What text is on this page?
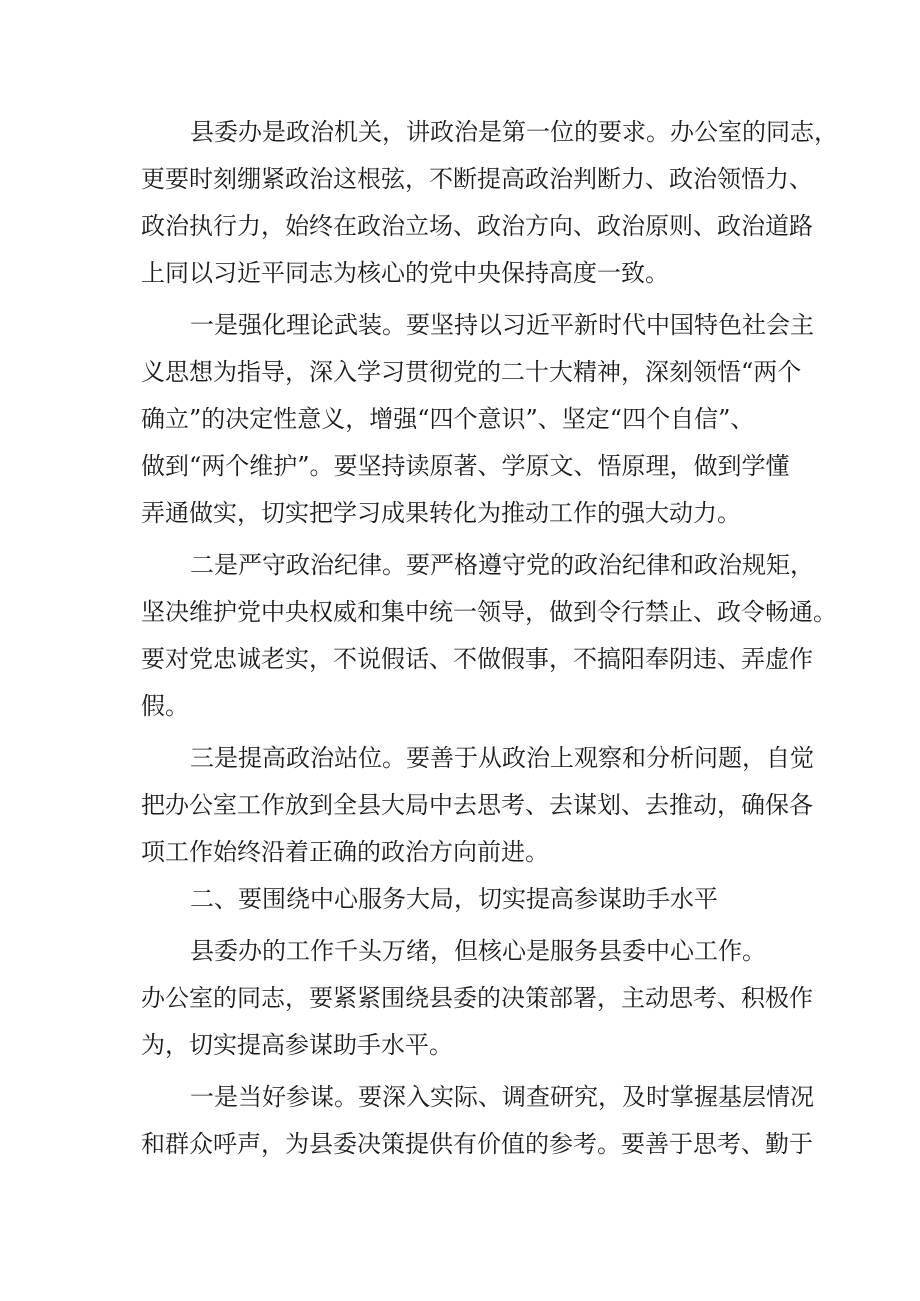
县委办是政治机关，讲政治是第一位的要求。办公室的同志，
更要时刻绷紧政治这根弦，不断提高政治判断力、政治领悟力、
政治执行力，始终在政治立场、政治方向、政治原则、政治道路
上同以习近平同志为核心的党中央保持高度一致。
一是强化理论武装。要坚持以习近平新时代中国特色社会主
义思想为指导，深入学习贯彻党的二十大精神，深刻领悟“两个
确立”的决定性意义，增强“四个意识”、坚定“四个自信”、
做到“两个维护”。要坚持读原著、学原文、悟原理，做到学懂
弄通做实，切实把学习成果转化为推动工作的强大动力。
二是严守政治纪律。要严格遵守党的政治纪律和政治规矩，
坚决维护党中央权威和集中统一领导，做到令行禁止、政令畅通。
要对党忠诚老实，不说假话、不做假事，不搞阳奉阴违、弄虚作
假。
三是提高政治站位。要善于从政治上观察和分析问题，自觉
把办公室工作放到全县大局中去思考、去谋划、去推动，确保各
项工作始终沿着正确的政治方向前进。
二、要围绕中心服务大局，切实提高参谋助手水平
县委办的工作千头万绪，但核心是服务县委中心工作。
办公室的同志，要紧紧围绕县委的决策部署，主动思考、积极作
为，切实提高参谋助手水平。
一是当好参谋。要深入实际、调查研究，及时掌握基层情况
和群众呼声，为县委决策提供有价值的参考。要善于思考、勤于
